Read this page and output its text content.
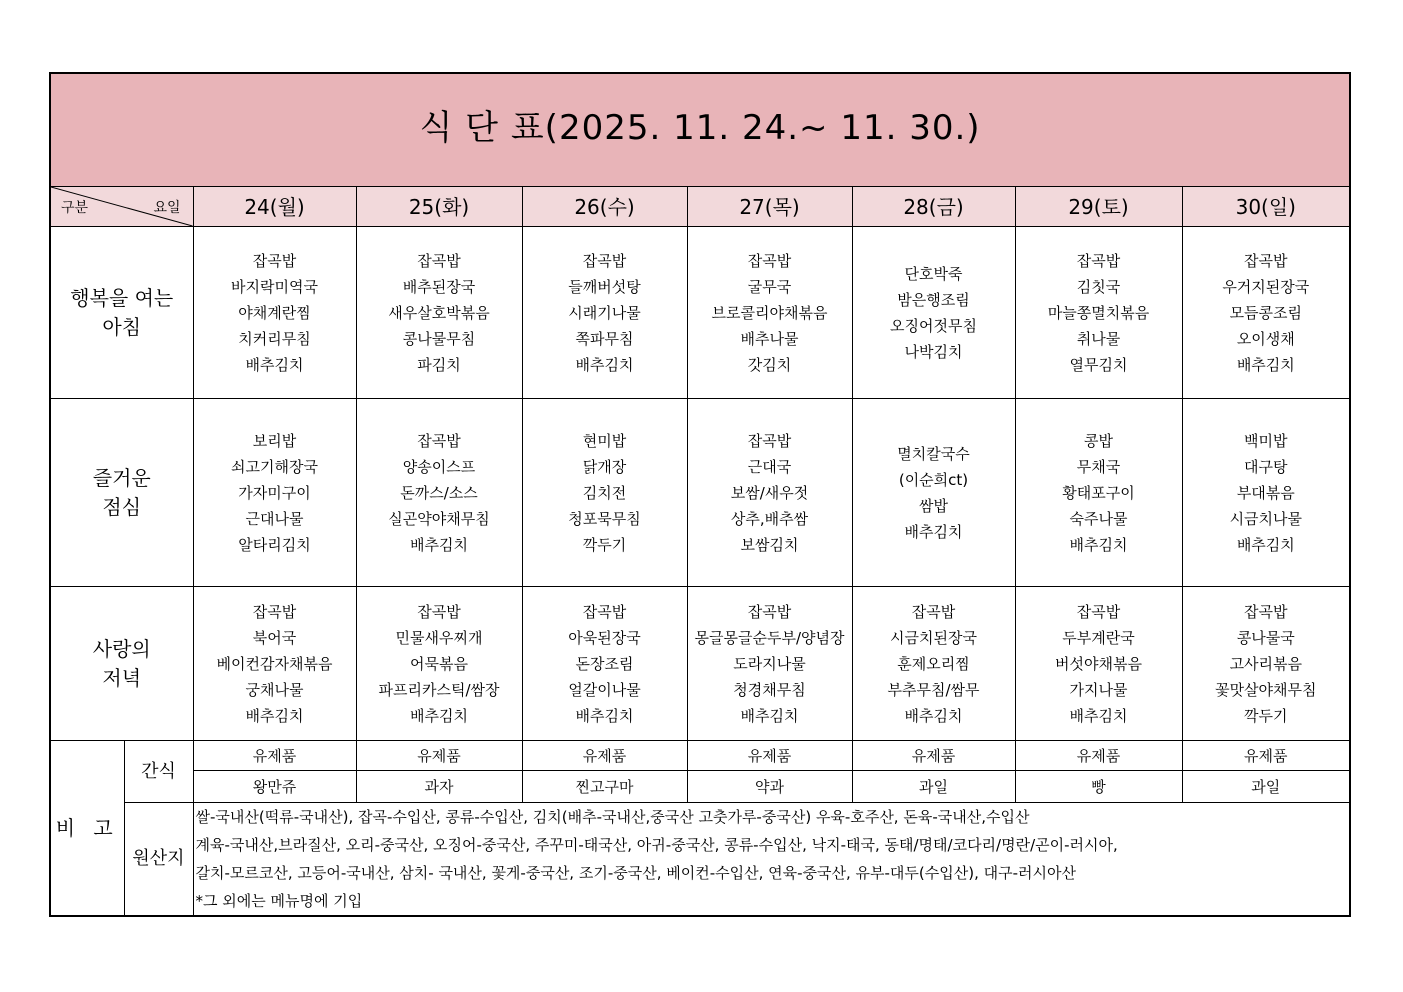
식 단 표(2025. 11. 24.~ 11. 30.)								

구분 요일		24(월)	25(화)	26(수)	27(목)	28(금)	29(토)	30(일)

행복을 여는
아침		잡곡밥
바지락미역국
야채계란찜
치커리무침
배추김치	잡곡밥
배추된장국
새우살호박볶음
콩나물무침
파김치	잡곡밥
들깨버섯탕
시래기나물
쪽파무침
배추김치	잡곡밥
굴무국
브로콜리야채볶음
배추나물
갓김치	단호박죽
밤은행조림
오징어젓무침
나박김치	잡곡밥
김칫국
마늘쫑멸치볶음
취나물
열무김치	잡곡밥
우거지된장국
모듬콩조림
오이생채
배추김치

즐거운
점심		보리밥
쇠고기해장국
가자미구이
근대나물
알타리김치	잡곡밥
양송이스프
돈까스/소스
실곤약야채무침
배추김치	현미밥
닭개장
김치전
청포묵무침
깍두기	잡곡밥
근대국
보쌈/새우젓
상추,배추쌈
보쌈김치	멸치칼국수
(이순희ct)
쌈밥
배추김치	콩밥
무채국
황태포구이
숙주나물
배추김치	백미밥
대구탕
부대볶음
시금치나물
배추김치

사랑의
저녁		잡곡밥
북어국
베이컨감자채볶음
궁채나물
배추김치	잡곡밥
민물새우찌개
어묵볶음
파프리카스틱/쌈장
배추김치	잡곡밥
아욱된장국
돈장조림
얼갈이나물
배추김치	잡곡밥
몽글몽글순두부/양념장
도라지나물
청경채무침
배추김치	잡곡밥
시금치된장국
훈제오리찜
부추무침/쌈무
배추김치	잡곡밥
두부계란국
버섯야채볶음
가지나물
배추김치	잡곡밥
콩나물국
고사리볶음
꽃맛살야채무침
깍두기

비 고	간식	유제품	유제품	유제품	유제품	유제품	유제품	유제품
		왕만쥬	과자	찐고구마	약과	과일	빵	과일
	원산지	쌀-국내산(떡류-국내산), 잡곡-수입산, 콩류-수입산, 김치(배추-국내산,중국산 고춧가루-중국산) 우육-호주산, 돈육-국내산,수입산
계육-국내산,브라질산, 오리-중국산, 오징어-중국산, 주꾸미-태국산, 아귀-중국산, 콩류-수입산, 낙지-태국, 동태/명태/코다리/명란/곤이-러시아,
갈치-모르코산, 고등어-국내산, 삼치- 국내산, 꽃게-중국산, 조기-중국산, 베이컨-수입산, 연육-중국산, 유부-대두(수입산), 대구-러시아산
*그 외에는 메뉴명에 기입						
